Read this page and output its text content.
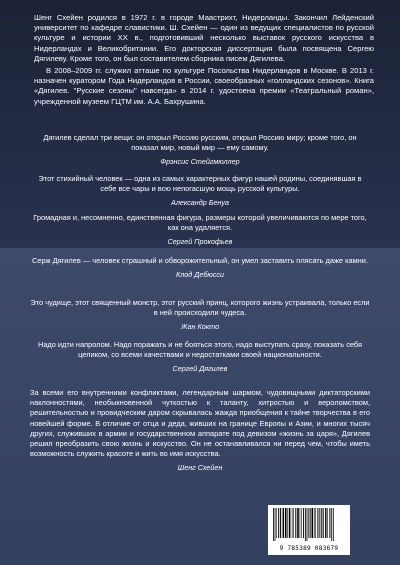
Шенг Схейен родился в 1972 г. в городе Маастрихт, Нидерланды. Закончил Лейденский университет по кафедре славистики. Ш. Схейен — один из ведущих специалистов по русской культуре и истории XX в., подготовивший несколько выставок русского искусства в Нидерландах и Великобритании. Его докторская диссертация была посвящена Сергею Дягилеву. Кроме того, он был составителем сборника писем Дягилева.

В 2008–2009 гг. служил атташе по культуре Посольства Нидерландов в Москве. В 2013 г. назначен куратором Года Нидерландов в России, своеобразных «голландских сезонов». Книга «Дягилев. "Русские сезоны" навсегда» в 2014 г. удостоена премии «Театральный роман», учрежденной музеем ГЦТМ им. А.А. Бахрушина.

Дягилев сделал три вещи: он открыл Россию русским, открыл Россию миру; кроме того, он показал мир, новый мир — ему самому.

Фрэнсис Стейгмюллер

Этот стихийный человек — одна из самых характерных фигур нашей родины, соединявшая в себе все чары и всю непогасшую мощь русской культуры.

Александр Бенуа

Громадная и, несомненно, единственная фигура, размеры которой увеличиваются по мере того, как она удаляется.

Сергей Прокофьев

Серж Дягилев — человек страшный и обворожительный, он умел заставить плясать даже камни.

Клод Дебюсси

Это чудище, этот священный монстр, этот русский принц, которого жизнь устраивала, только если в ней происходили чудеса.

Жан Кокто

Надо идти напролом. Надо поражать и не бояться этого, надо выступать сразу, показать себя целиком, со всеми качествами и недостатками своей национальности.

Сергей Дягилев

За всеми его внутренними конфликтами, легендарным шармом, чудовищными диктаторскими наклонностями, необыкновенной чуткостью к таланту, хитростью и вероломством, решительностью и провидческим даром скрывалась жажда приобщения к тайне творчества в его новейшей форме. В отличие от отца и деда, живших на границе Европы и Азии, и многих тысяч других, служивших в армии и государственном аппарате под девизом «жизнь за царя», Дягилев решил преобразить свою жизнь и искусство. Он не останавливался ни перед чем, чтобы иметь возможность служить красоте и жить во имя искусства.

Шенг Схейен
9 785389 083679
